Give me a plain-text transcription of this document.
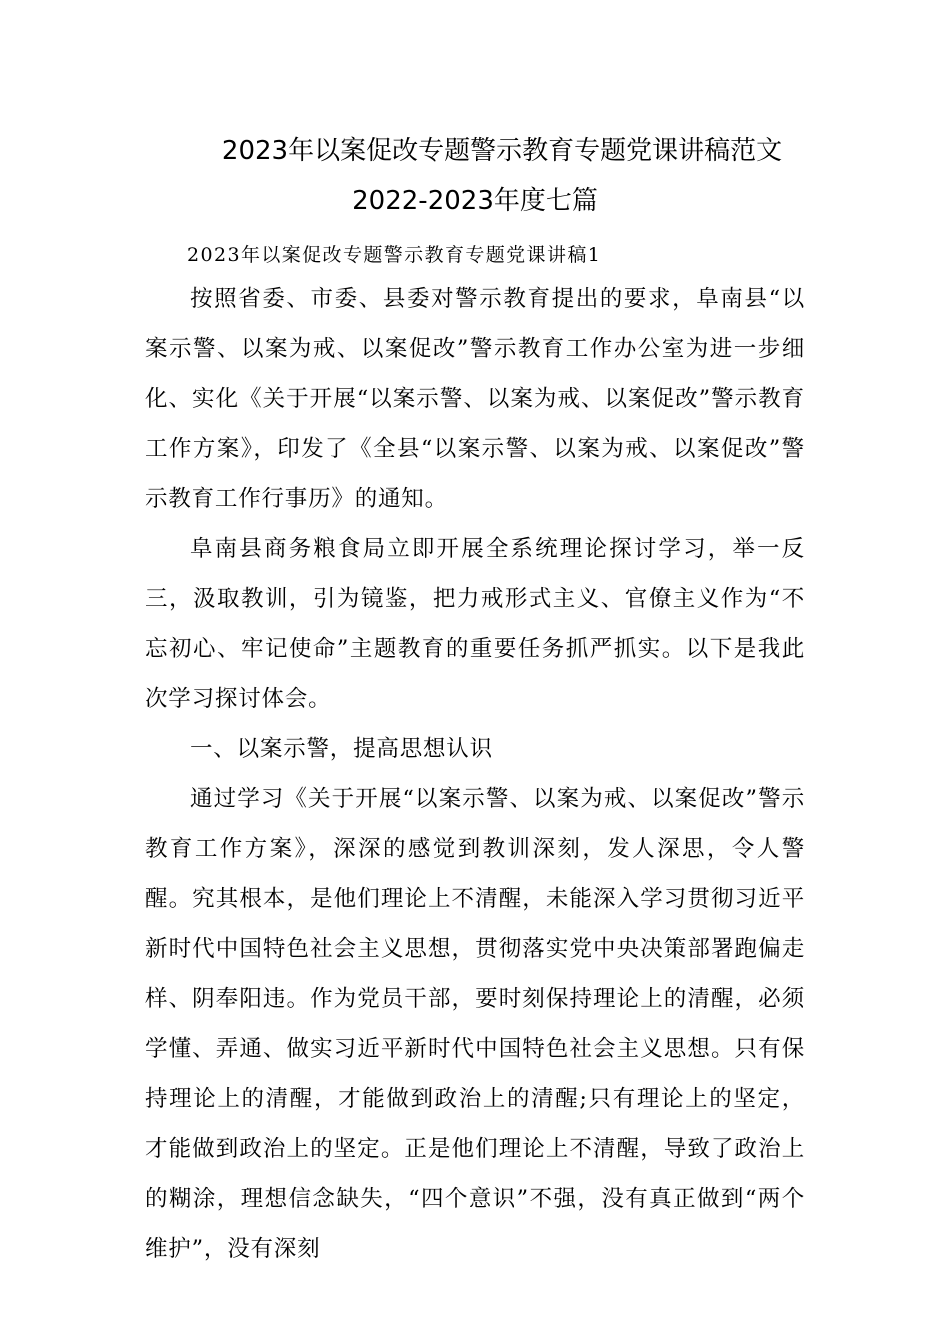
2023年以案促改专题警示教育专题党课讲稿范文
2022-2023年度七篇
2023年以案促改专题警示教育专题党课讲稿1

按照省委、市委、县委对警示教育提出的要求，阜南县“以案示警、以案为戒、以案促改”警示教育工作办公室为进一步细化、实化《关于开展“以案示警、以案为戒、以案促改”警示教育工作方案》，印发了《全县“以案示警、以案为戒、以案促改”警示教育工作行事历》的通知。

阜南县商务粮食局立即开展全系统理论探讨学习，举一反三，汲取教训，引为镜鉴，把力戒形式主义、官僚主义作为“不忘初心、牢记使命”主题教育的重要任务抓严抓实。以下是我此次学习探讨体会。

一、以案示警，提高思想认识

通过学习《关于开展“以案示警、以案为戒、以案促改”警示教育工作方案》，深深的感觉到教训深刻，发人深思，令人警醒。究其根本，是他们理论上不清醒，未能深入学习贯彻习近平新时代中国特色社会主义思想，贯彻落实党中央决策部署跑偏走样、阴奉阳违。作为党员干部，要时刻保持理论上的清醒，必须学懂、弄通、做实习近平新时代中国特色社会主义思想。只有保持理论上的清醒，才能做到政治上的清醒;只有理论上的坚定，才能做到政治上的坚定。正是他们理论上不清醒，导致了政治上的糊涂，理想信念缺失，“四个意识”不强，没有真正做到“两个维护”，没有深刻
